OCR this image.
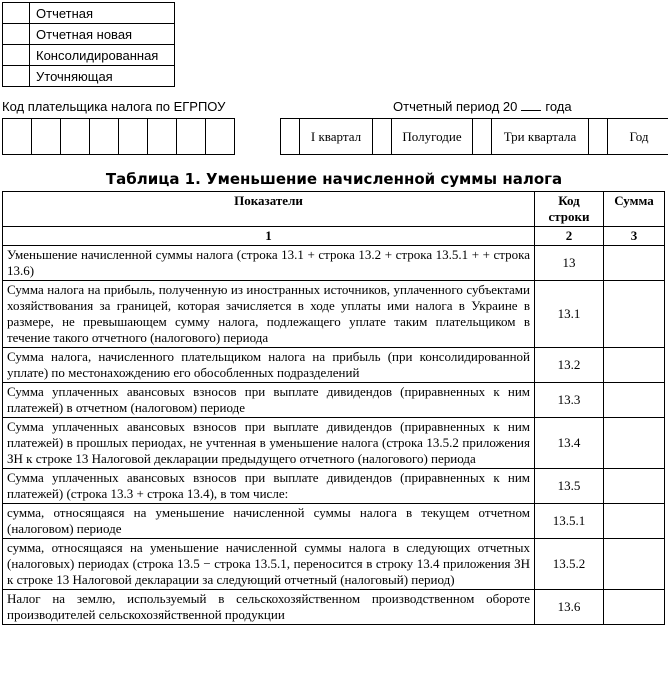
	Отчетная
	Отчетная новая
	Консолидированная
	Уточняющая
Код плательщика налога по ЕГРПОУ	Отчетный период 20 года
I квартал	Полугодие	Три квартала	Год
Таблица 1. Уменьшение начисленной суммы налога
Показатели	Код строки	Сумма
1	2	3
Уменьшение начисленной суммы налога (строка 13.1 + строка 13.2 + строка 13.5.1 + + строка 13.6)	13	
Сумма налога на прибыль, полученную из иностранных источников, уплаченного субъектами хозяйствования за границей, которая зачисляется в ходе уплаты ими налога в Украине в размере, не превышающем сумму налога, подлежащего уплате таким плательщиком в течение такого отчетного (налогового) периода	13.1	
Сумма налога, начисленного плательщиком налога на прибыль (при консолидированной уплате) по местонахождению его обособленных подразделений	13.2	
Сумма уплаченных авансовых взносов при выплате дивидендов (приравненных к ним платежей) в отчетном (налоговом) периоде	13.3	
Сумма уплаченных авансовых взносов при выплате дивидендов (приравненных к ним платежей) в прошлых периодах, не учтенная в уменьшение налога (строка 13.5.2 приложения ЗН к строке 13 Налоговой декларации предыдущего отчетного (налогового) периода	13.4	
Сумма уплаченных авансовых взносов при выплате дивидендов (приравненных к ним платежей) (строка 13.3 + строка 13.4), в том числе:	13.5	
сумма, относящаяся на уменьшение начисленной суммы налога в текущем отчетном (налоговом) периоде	13.5.1	
сумма, относящаяся на уменьшение начисленной суммы налога в следующих отчетных (налоговых) периодах (строка 13.5 − строка 13.5.1, переносится в строку 13.4 приложения ЗН к строке 13 Налоговой декларации за следующий отчетный (налоговый) период)	13.5.2	
Налог на землю, используемый в сельскохозяйственном производственном обороте производителей сельскохозяйственной продукции	13.6	
